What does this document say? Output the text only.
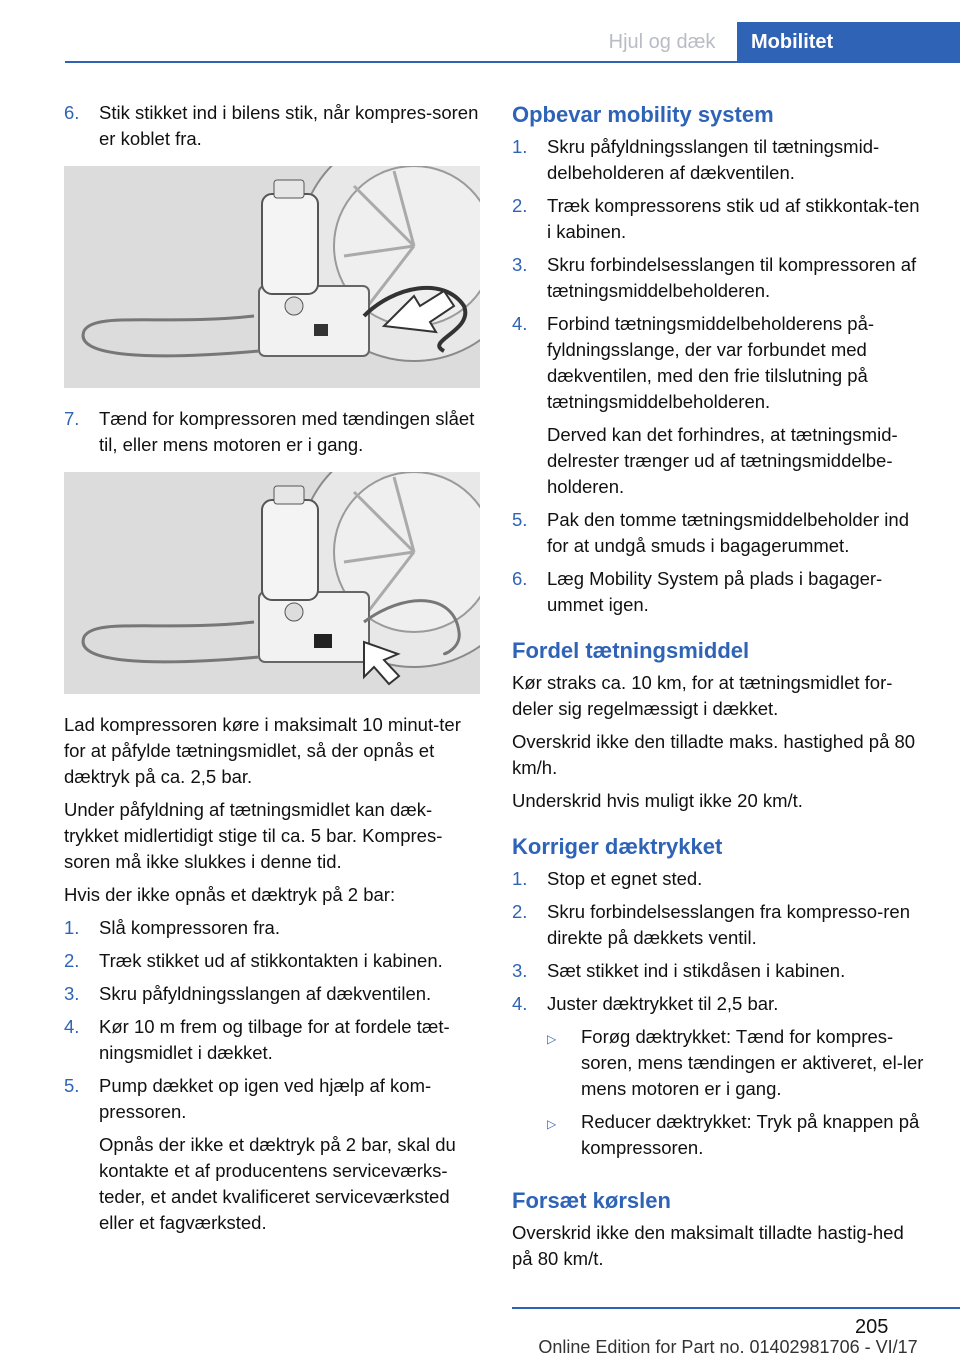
Hjul og dæk	Mobilitet
6.	Stik stikket ind i bilens stik, når kompres-soren er koblet fra.
7.	Tænd for kompressoren med tændingen slået til, eller mens motoren er i gang.

Lad kompressoren køre i maksimalt 10 minut-ter for at påfylde tætningsmidlet, så der opnås et dæktryk på ca. 2,5 bar.

Under påfyldning af tætningsmidlet kan dæk-trykket midlertidigt stige til ca. 5 bar. Kompres-soren må ikke slukkes i denne tid.

Hvis der ikke opnås et dæktryk på 2 bar:

1.	Slå kompressoren fra.
2.	Træk stikket ud af stikkontakten i kabinen.
3.	Skru påfyldningsslangen af dækventilen.
4.	Kør 10 m frem og tilbage for at fordele tæt-ningsmidlet i dækket.
5.	Pump dækket op igen ved hjælp af kom-pressoren.

Opnås der ikke et dæktryk på 2 bar, skal du kontakte et af producentens serviceværks-teder, et andet kvalificeret serviceværksted eller et fagværksted.

Opbevar mobility system
1.	Skru påfyldningsslangen til tætningsmid-delbeholderen af dækventilen.
2.	Træk kompressorens stik ud af stikkontak-ten i kabinen.
3.	Skru forbindelsesslangen til kompressoren af tætningsmiddelbeholderen.
4.	Forbind tætningsmiddelbeholderens på-fyldningsslange, der var forbundet med dækventilen, med den frie tilslutning på tætningsmiddelbeholderen.

Derved kan det forhindres, at tætningsmid-delrester trænger ud af tætningsmiddelbe-holderen.

5.	Pak den tomme tætningsmiddelbeholder ind for at undgå smuds i bagagerummet.
6.	Læg Mobility System på plads i bagager-ummet igen.
Fordel tætningsmiddel

Kør straks ca. 10 km, for at tætningsmidlet for-deler sig regelmæssigt i dækket.

Overskrid ikke den tilladte maks. hastighed på 80 km/h.

Underskrid hvis muligt ikke 20 km/t.

Korriger dæktrykket
1.	Stop et egnet sted.
2.	Skru forbindelsesslangen fra kompresso-ren direkte på dækkets ventil.
3.	Sæt stikket ind i stikdåsen i kabinen.
4.	Juster dæktrykket til 2,5 bar.

▷	Forøg dæktrykket: Tænd for kompres-soren, mens tændingen er aktiveret, el-ler mens motoren er i gang.
▷	Reducer dæktrykket: Tryk på knappen på kompressoren.
Forsæt kørslen

Overskrid ikke den maksimalt tilladte hastig-hed på 80 km/t.

205
Online Edition for Part no. 01402981706 - VI/17
